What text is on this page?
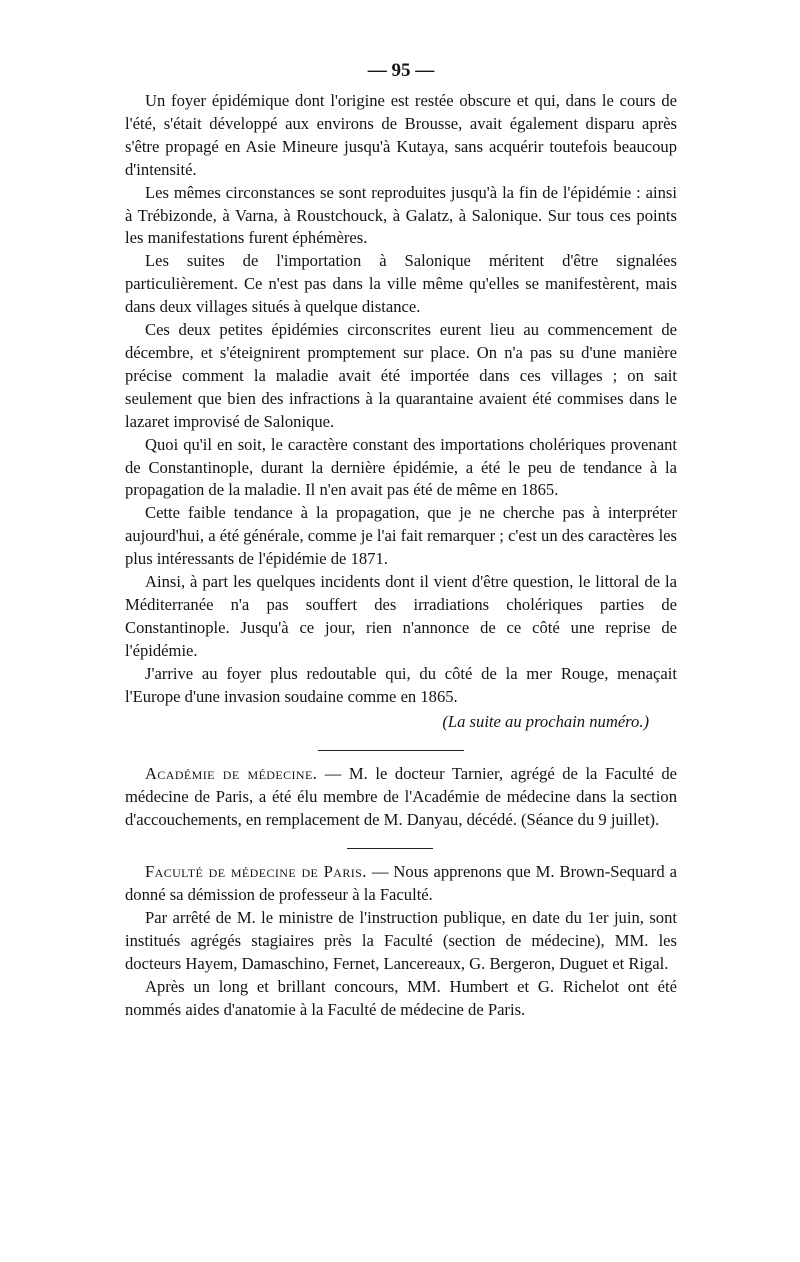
— 95 —

Un foyer épidémique dont l'origine est restée obscure et qui, dans le cours de l'été, s'était développé aux environs de Brousse, avait également disparu après s'être propagé en Asie Mineure jusqu'à Kutaya, sans acquérir toutefois beaucoup d'intensité.

Les mêmes circonstances se sont reproduites jusqu'à la fin de l'épidémie : ainsi à Trébizonde, à Varna, à Roustchouck, à Galatz, à Salonique. Sur tous ces points les manifestations furent éphémères.

Les suites de l'importation à Salonique méritent d'être signalées particulièrement. Ce n'est pas dans la ville même qu'elles se manifestèrent, mais dans deux villages situés à quelque distance.

Ces deux petites épidémies circonscrites eurent lieu au commencement de décembre, et s'éteignirent promptement sur place. On n'a pas su d'une manière précise comment la maladie avait été importée dans ces villages ; on sait seulement que bien des infractions à la quarantaine avaient été commises dans le lazaret improvisé de Salonique.

Quoi qu'il en soit, le caractère constant des importations cholériques provenant de Constantinople, durant la dernière épidémie, a été le peu de tendance à la propagation de la maladie. Il n'en avait pas été de même en 1865.

Cette faible tendance à la propagation, que je ne cherche pas à interpréter aujourd'hui, a été générale, comme je l'ai fait remarquer ; c'est un des caractères les plus intéressants de l'épidémie de 1871.

Ainsi, à part les quelques incidents dont il vient d'être question, le littoral de la Méditerranée n'a pas souffert des irradiations cholériques parties de Constantinople. Jusqu'à ce jour, rien n'annonce de ce côté une reprise de l'épidémie.

J'arrive au foyer plus redoutable qui, du côté de la mer Rouge, menaçait l'Europe d'une invasion soudaine comme en 1865.

(La suite au prochain numéro.)

Académie de médecine. — M. le docteur Tarnier, agrégé de la Faculté de médecine de Paris, a été élu membre de l'Académie de médecine dans la section d'accouchements, en remplacement de M. Danyau, décédé. (Séance du 9 juillet).

Faculté de médecine de Paris. — Nous apprenons que M. Brown-Sequard a donné sa démission de professeur à la Faculté.

Par arrêté de M. le ministre de l'instruction publique, en date du 1er juin, sont institués agrégés stagiaires près la Faculté (section de médecine), MM. les docteurs Hayem, Damaschino, Fernet, Lancereaux, G. Bergeron, Duguet et Rigal.

Après un long et brillant concours, MM. Humbert et G. Richelot ont été nommés aides d'anatomie à la Faculté de médecine de Paris.
